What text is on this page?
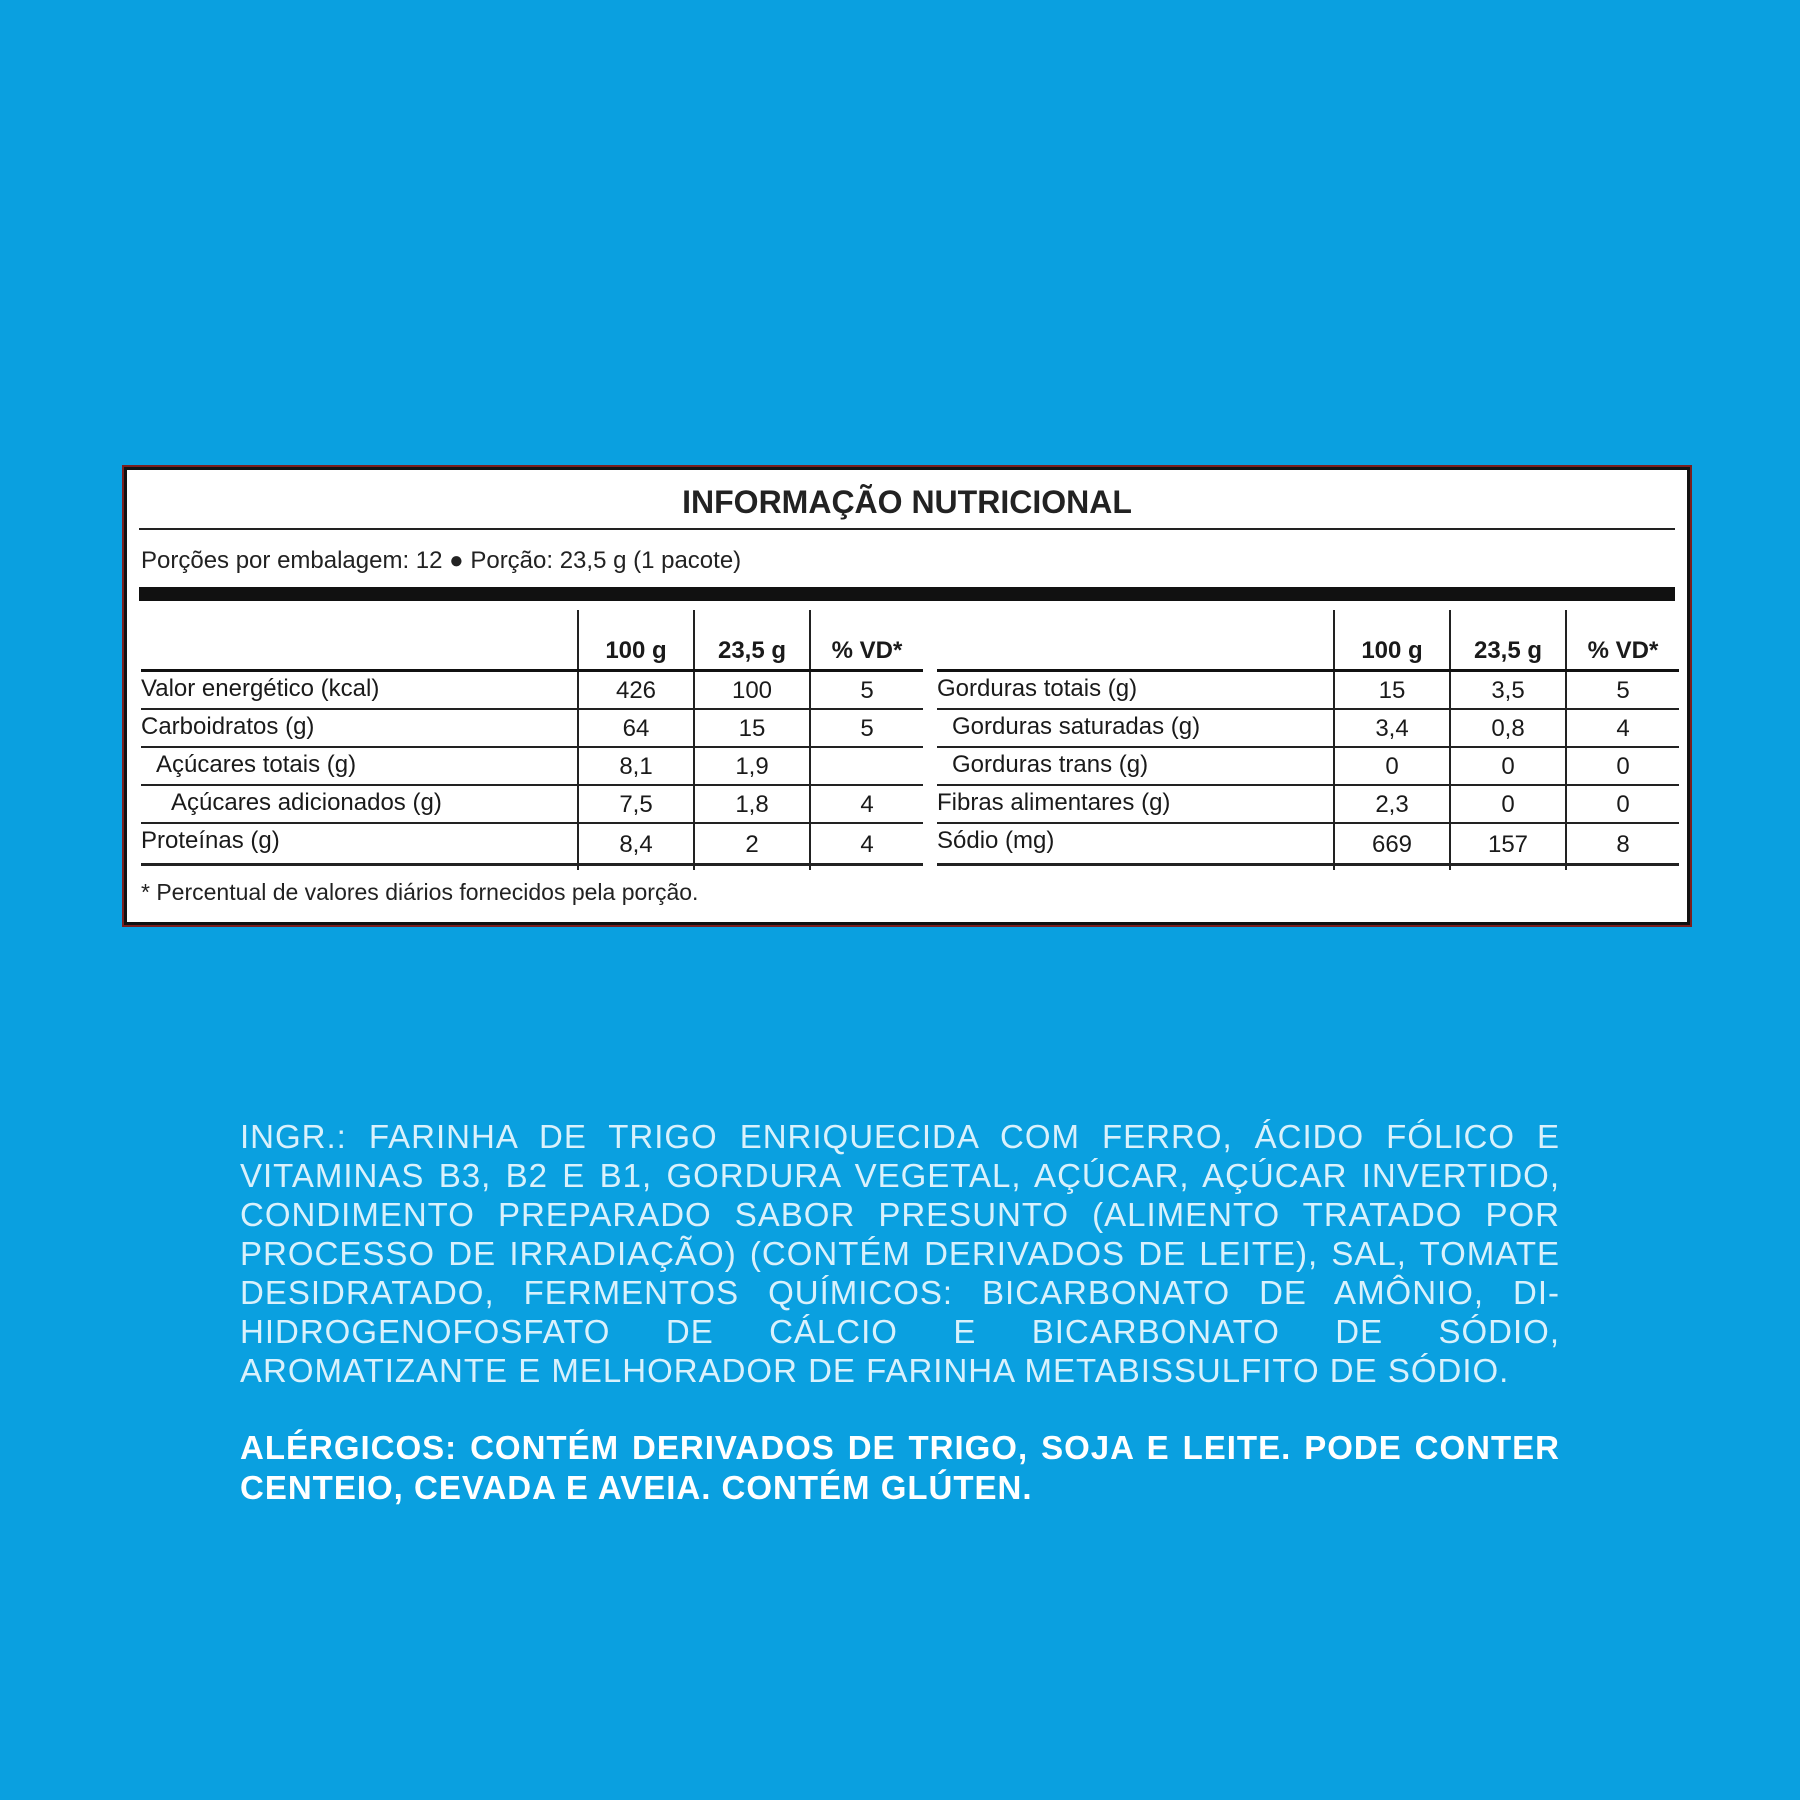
INFORMAÇÃO NUTRICIONAL
Porções por embalagem: 12 ● Porção: 23,5 g (1 pacote)
100 g	23,5 g	% VD*
Valor energético (kcal)	426	100	5
Carboidratos (g)	64	15	5
Açúcares totais (g)	8,1	1,9
Açúcares adicionados (g)	7,5	1,8	4
Proteínas (g)	8,4	2	4
100 g	23,5 g	% VD*
Gorduras totais (g)	15	3,5	5
Gorduras saturadas (g)	3,4	0,8	4
Gorduras trans (g)	0	0	0
Fibras alimentares (g)	2,3	0	0
Sódio (mg)	669	157	8
* Percentual de valores diários fornecidos pela porção.
INGR.: FARINHA DE TRIGO ENRIQUECIDA COM FERRO, ÁCIDO FÓLICO E VITAMINAS B3, B2 E B1, GORDURA VEGETAL, AÇÚCAR, AÇÚCAR INVERTIDO, CONDIMENTO PREPARADO SABOR PRESUNTO (ALIMENTO TRATADO POR PROCESSO DE IRRADIAÇÃO) (CONTÉM DERIVADOS DE LEITE), SAL, TOMATE DESIDRATADO, FERMENTOS QUÍMICOS: BICARBONATO DE AMÔNIO, DI-HIDROGENOFOSFATO DE CÁLCIO E BICARBONATO DE SÓDIO, AROMATIZANTE E MELHORADOR DE FARINHA METABISSULFITO DE SÓDIO.
ALÉRGICOS: CONTÉM DERIVADOS DE TRIGO, SOJA E LEITE. PODE CONTER CENTEIO, CEVADA E AVEIA. CONTÉM GLÚTEN.
